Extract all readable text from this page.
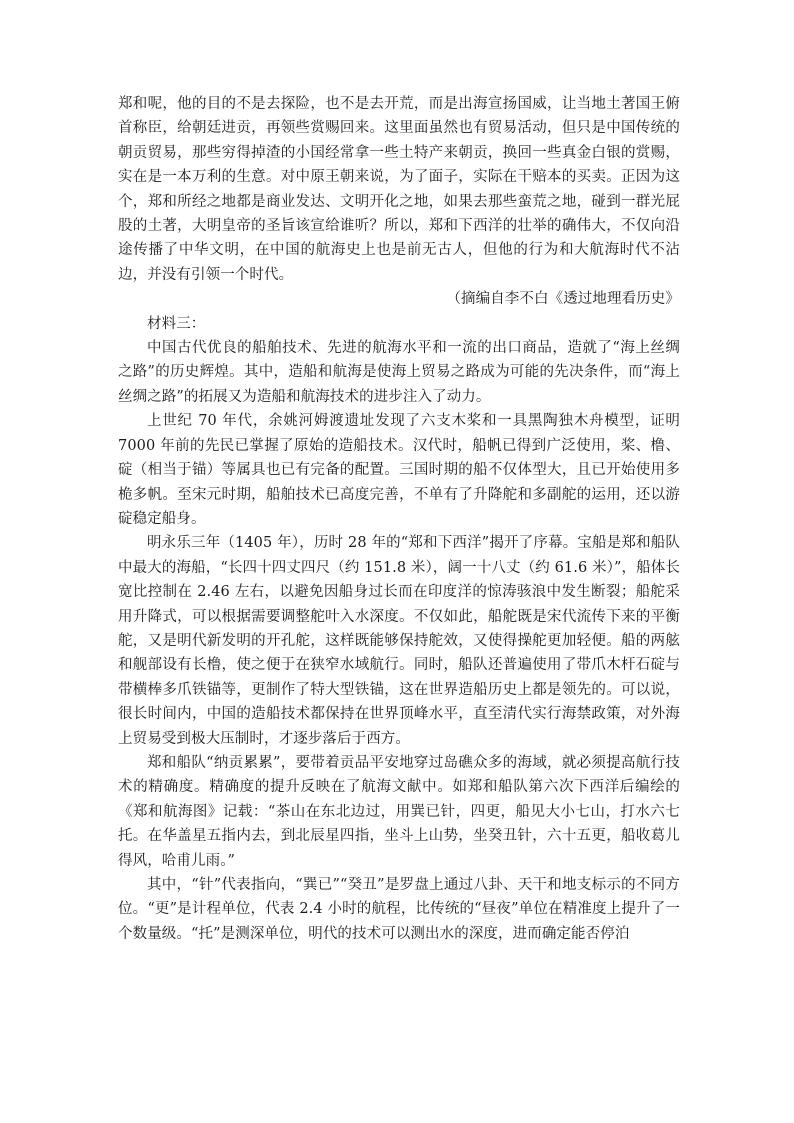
郑和呢，他的目的不是去探险，也不是去开荒，而是出海宣扬国威，让当地土著国王俯首称臣，给朝廷进贡，再领些赏赐回来。这里面虽然也有贸易活动，但只是中国传统的朝贡贸易，那些穷得掉渣的小国经常拿一些土特产来朝贡，换回一些真金白银的赏赐，实在是一本万利的生意。对中原王朝来说，为了面子，实际在干赔本的买卖。正因为这个，郑和所经之地都是商业发达、文明开化之地，如果去那些蛮荒之地，碰到一群光屁股的土著，大明皇帝的圣旨该宣给谁听？所以，郑和下西洋的壮举的确伟大，不仅向沿途传播了中华文明，在中国的航海史上也是前无古人，但他的行为和大航海时代不沾边，并没有引领一个时代。

（摘编自李不白《透过地理看历史》

材料三：

中国古代优良的船舶技术、先进的航海水平和一流的出口商品，造就了“海上丝绸之路”的历史辉煌。其中，造船和航海是使海上贸易之路成为可能的先决条件，而“海上丝绸之路”的拓展又为造船和航海技术的进步注入了动力。

上世纪 70 年代，余姚河姆渡遗址发现了六支木桨和一具黑陶独木舟模型，证明 7000 年前的先民已掌握了原始的造船技术。汉代时，船帆已得到广泛使用，桨、橹、碇（相当于锚）等属具也已有完备的配置。三国时期的船不仅体型大，且已开始使用多桅多帆。至宋元时期，船舶技术已高度完善，不单有了升降舵和多副舵的运用，还以游碇稳定船身。

明永乐三年（1405 年），历时 28 年的“郑和下西洋”揭开了序幕。宝船是郑和船队中最大的海船，“长四十四丈四尺（约 151.8 米），阔一十八丈（约 61.6 米）”，船体长宽比控制在 2.46 左右，以避免因船身过长而在印度洋的惊涛骇浪中发生断裂；船舵采用升降式，可以根据需要调整舵叶入水深度。不仅如此，船舵既是宋代流传下来的平衡舵，又是明代新发明的开孔舵，这样既能够保持舵效，又使得操舵更加轻便。船的两舷和舰部设有长橹，使之便于在狭窄水域航行。同时，船队还普遍使用了带爪木杆石碇与带横棒多爪铁锚等，更制作了特大型铁锚，这在世界造船历史上都是领先的。可以说，很长时间内，中国的造船技术都保持在世界顶峰水平，直至清代实行海禁政策，对外海上贸易受到极大压制时，才逐步落后于西方。

郑和船队“纳贡累累”，要带着贡品平安地穿过岛礁众多的海域，就必须提高航行技术的精确度。精确度的提升反映在了航海文献中。如郑和船队第六次下西洋后编绘的《郑和航海图》记载：“茶山在东北边过，用巽已针，四更，船见大小七山，打水六七托。在华盖星五指内去，到北辰星四指，坐斗上山势，坐癸丑针，六十五更，船收葛儿得风，哈甫儿雨。”

其中，“针”代表指向，“巽已”“癸丑”是罗盘上通过八卦、天干和地支标示的不同方位。“更”是计程单位，代表 2.4 小时的航程，比传统的“昼夜”单位在精准度上提升了一个数量级。“托”是测深单位，明代的技术可以测出水的深度，进而确定能否停泊
